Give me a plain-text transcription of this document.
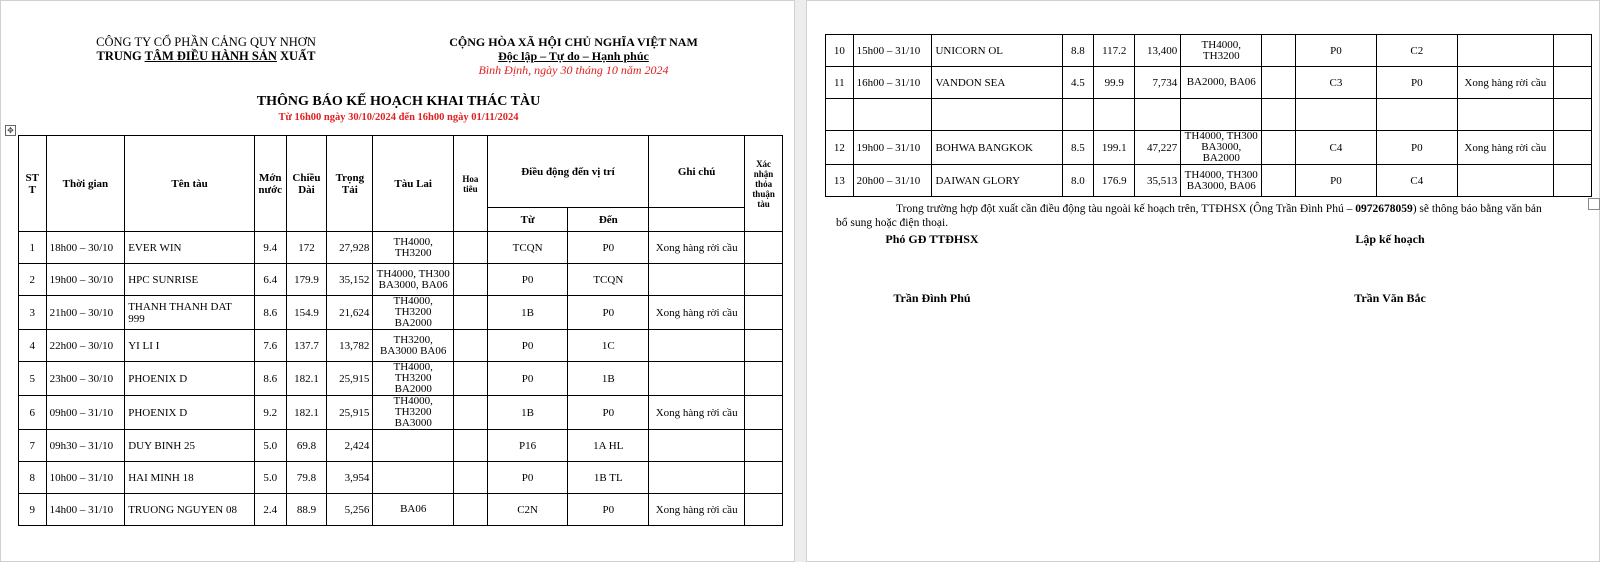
CÔNG TY CỔ PHẦN CẢNG QUY NHƠN
TRUNG TÂM ĐIỀU HÀNH SẢN XUẤT
CỘNG HÒA XÃ HỘI CHỦ NGHĨA VIỆT NAM
Độc lập – Tự do – Hạnh phúc
Bình Định, ngày 30 tháng 10 năm 2024
THÔNG BÁO KẾ HOẠCH KHAI THÁC TÀU
Từ 16h00 ngày 30/10/2024 đến 16h00 ngày 01/11/2024
✥
ST T	Thời gian	Tên tàu	Mớn nước	Chiều Dài	Trọng Tải	Tàu Lai	Hoa tiêu	Điều động đến vị trí		Ghi chú	Xác nhận thỏa thuận tàu
								Từ	Đến		
1	18h00 – 30/10	EVER WIN	9.4	172	27,928	TH4000, TH3200		TCQN	P0	Xong hàng rời cầu	
2	19h00 – 30/10	HPC SUNRISE	6.4	179.9	35,152	TH4000, TH300 BA3000, BA06		P0	TCQN		
3	21h00 – 30/10	THANH THANH DAT 999	8.6	154.9	21,624	TH4000, TH3200 BA2000		1B	P0	Xong hàng rời cầu	
4	22h00 – 30/10	YI LI I	7.6	137.7	13,782	TH3200, BA3000 BA06		P0	1C		
5	23h00 – 30/10	PHOENIX D	8.6	182.1	25,915	TH4000, TH3200 BA2000		P0	1B		
6	09h00 – 31/10	PHOENIX D	9.2	182.1	25,915	TH4000, TH3200 BA3000		1B	P0	Xong hàng rời cầu	
7	09h30 – 31/10	DUY BINH 25	5.0	69.8	2,424			P16	1A HL		
8	10h00 – 31/10	HAI MINH 18	5.0	79.8	3,954			P0	1B TL		
9	14h00 – 31/10	TRUONG NGUYEN 08	2.4	88.9	5,256	BA06		C2N	P0	Xong hàng rời cầu	
10	15h00 – 31/10	UNICORN OL	8.8	117.2	13,400	TH4000, TH3200		P0	C2		
11	16h00 – 31/10	VANDON SEA	4.5	99.9	7,734	BA2000, BA06		C3	P0	Xong hàng rời cầu	

12	19h00 – 31/10	BOHWA BANGKOK	8.5	199.1	47,227	TH4000, TH300 BA3000, BA2000		C4	P0	Xong hàng rời cầu	
13	20h00 – 31/10	DAIWAN GLORY	8.0	176.9	35,513	TH4000, TH300 BA3000, BA06		P0	C4		
Trong trường hợp đột xuất cần điều động tàu ngoài kế hoạch trên, TTĐHSX (Ông Trần Đình Phú – 0972678059) sẽ thông báo bằng văn bản bổ sung hoặc điện thoại.
Phó GĐ TTĐHSX	Lập kế hoạch
Trần Đình Phú	Trần Văn Bắc
